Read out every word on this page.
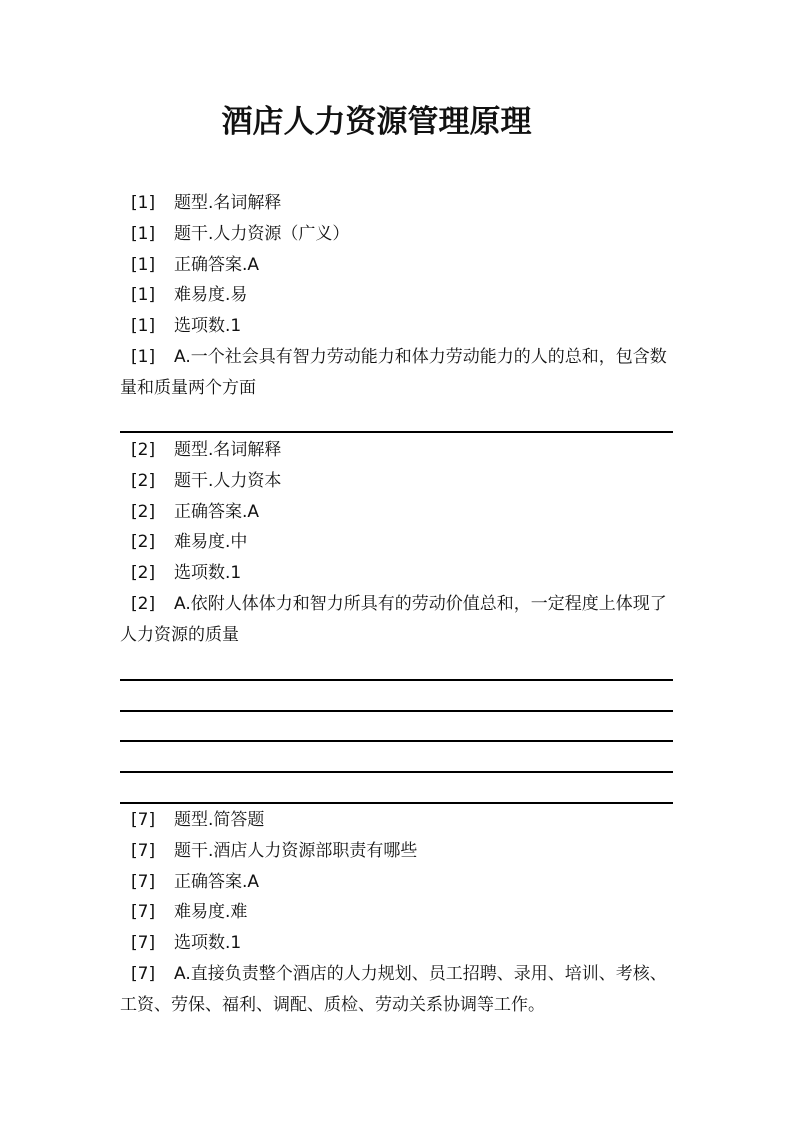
酒店人力资源管理原理

[1] 题型.名词解释

[1] 题干.人力资源（广义）

[1] 正确答案.A

[1] 难易度.易

[1] 选项数.1

[1] A.一个社会具有智力劳动能力和体力劳动能力的人的总和，包含数量和质量两个方面

[2] 题型.名词解释

[2] 题干.人力资本

[2] 正确答案.A

[2] 难易度.中

[2] 选项数.1

[2] A.依附人体体力和智力所具有的劳动价值总和，一定程度上体现了人力资源的质量

[7] 题型.简答题

[7] 题干.酒店人力资源部职责有哪些

[7] 正确答案.A

[7] 难易度.难

[7] 选项数.1

[7] A.直接负责整个酒店的人力规划、员工招聘、录用、培训、考核、工资、劳保、福利、调配、质检、劳动关系协调等工作。
